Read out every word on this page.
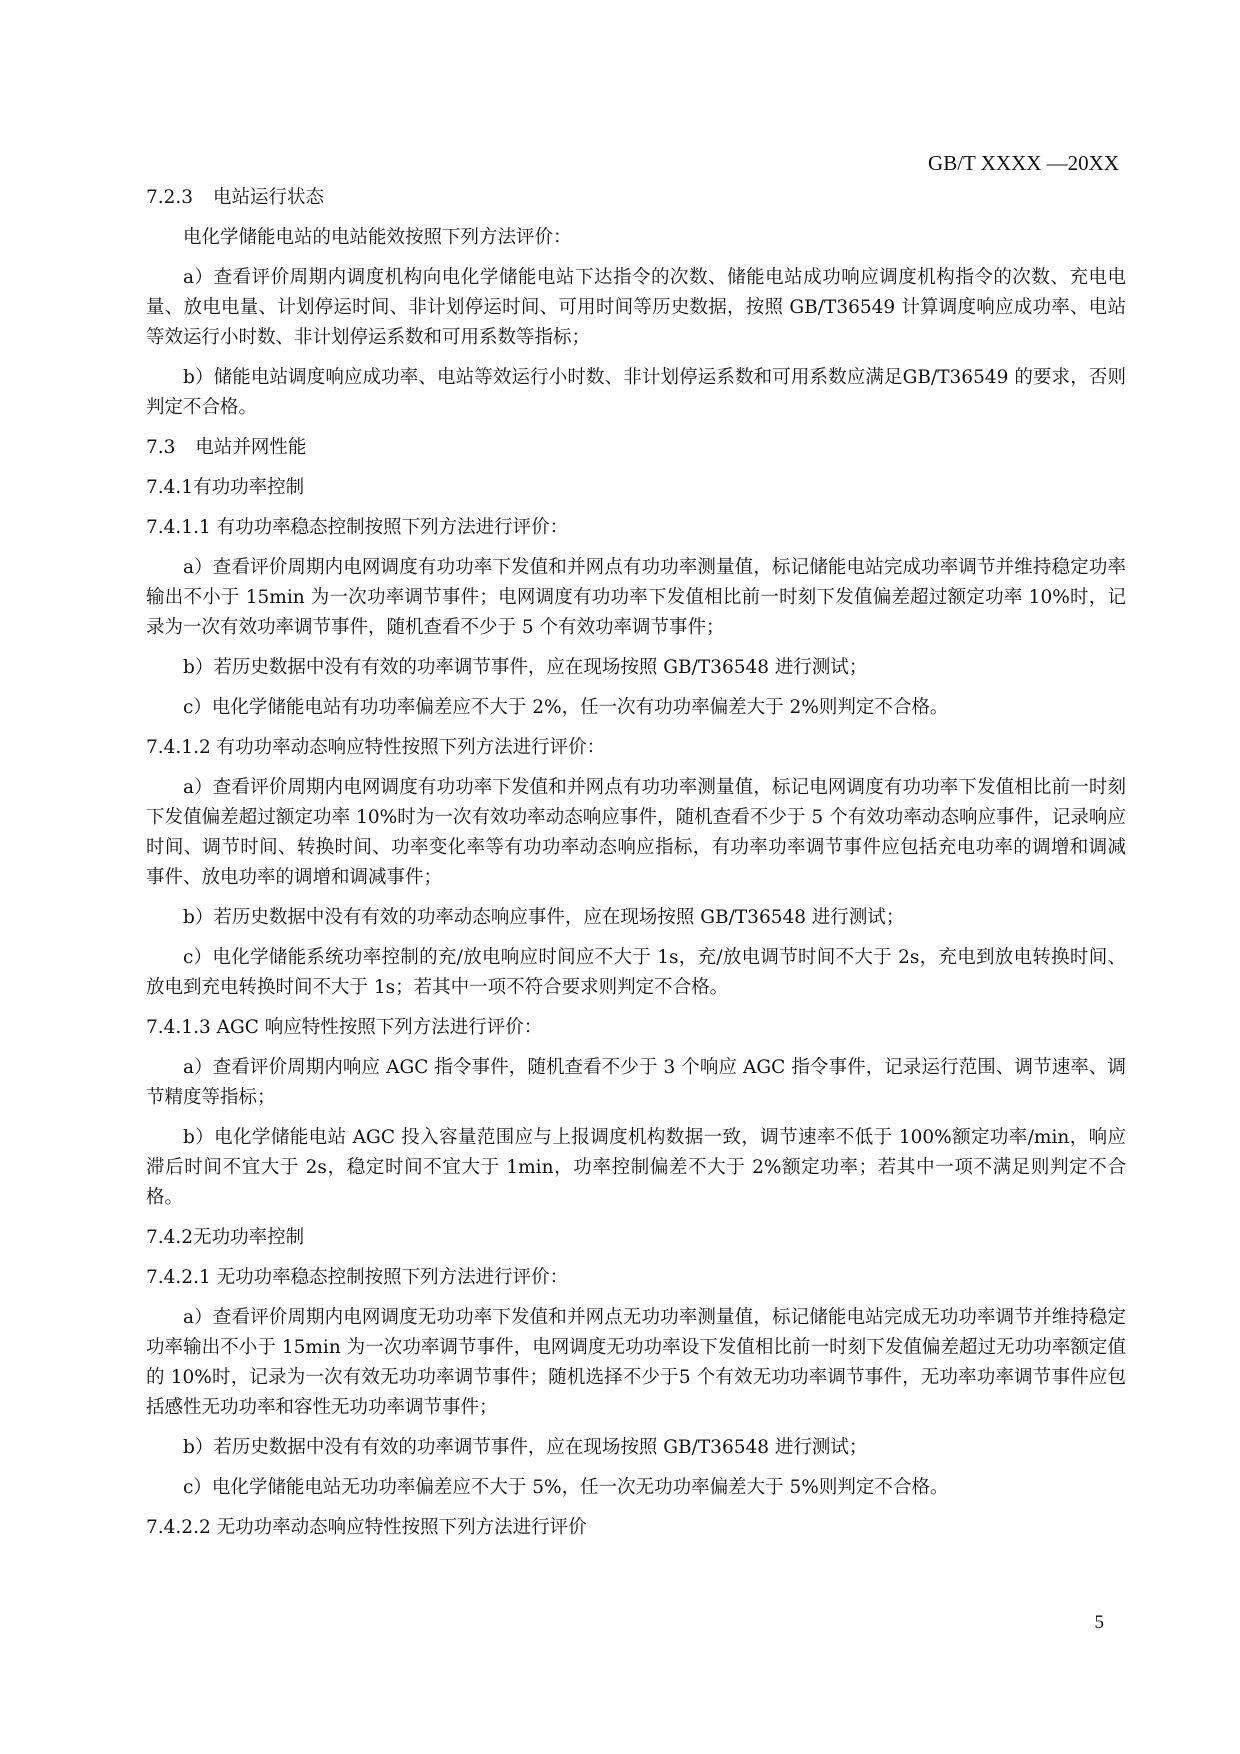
GB/T XXXX —20XX
7.2.3 电站运行状态
电化学储能电站的电站能效按照下列方法评价：
a）查看评价周期内调度机构向电化学储能电站下达指令的次数、储能电站成功响应调度机构指令的次数、充电电量、放电电量、计划停运时间、非计划停运时间、可用时间等历史数据，按照 GB/T36549 计算调度响应成功率、电站等效运行小时数、非计划停运系数和可用系数等指标；
b）储能电站调度响应成功率、电站等效运行小时数、非计划停运系数和可用系数应满足GB/T36549 的要求，否则判定不合格。
7.3 电站并网性能
7.4.1有功功率控制
7.4.1.1 有功功率稳态控制按照下列方法进行评价：
a）查看评价周期内电网调度有功功率下发值和并网点有功功率测量值，标记储能电站完成功率调节并维持稳定功率输出不小于 15min 为一次功率调节事件；电网调度有功功率下发值相比前一时刻下发值偏差超过额定功率 10%时，记录为一次有效功率调节事件，随机查看不少于 5 个有效功率调节事件；
b）若历史数据中没有有效的功率调节事件，应在现场按照 GB/T36548 进行测试；
c）电化学储能电站有功功率偏差应不大于 2%，任一次有功功率偏差大于 2%则判定不合格。
7.4.1.2 有功功率动态响应特性按照下列方法进行评价：
a）查看评价周期内电网调度有功功率下发值和并网点有功功率测量值，标记电网调度有功功率下发值相比前一时刻下发值偏差超过额定功率 10%时为一次有效功率动态响应事件，随机查看不少于 5 个有效功率动态响应事件，记录响应时间、调节时间、转换时间、功率变化率等有功功率动态响应指标，有功率功率调节事件应包括充电功率的调增和调减事件、放电功率的调增和调减事件；
b）若历史数据中没有有效的功率动态响应事件，应在现场按照 GB/T36548 进行测试；
c）电化学储能系统功率控制的充/放电响应时间应不大于 1s，充/放电调节时间不大于 2s，充电到放电转换时间、放电到充电转换时间不大于 1s；若其中一项不符合要求则判定不合格。
7.4.1.3 AGC 响应特性按照下列方法进行评价：
a）查看评价周期内响应 AGC 指令事件，随机查看不少于 3 个响应 AGC 指令事件，记录运行范围、调节速率、调节精度等指标；
b）电化学储能电站 AGC 投入容量范围应与上报调度机构数据一致，调节速率不低于 100%额定功率/min，响应滞后时间不宜大于 2s，稳定时间不宜大于 1min，功率控制偏差不大于 2%额定功率；若其中一项不满足则判定不合格。
7.4.2无功功率控制
7.4.2.1 无功功率稳态控制按照下列方法进行评价：
a）查看评价周期内电网调度无功功率下发值和并网点无功功率测量值，标记储能电站完成无功功率调节并维持稳定功率输出不小于 15min 为一次功率调节事件，电网调度无功功率设下发值相比前一时刻下发值偏差超过无功功率额定值的 10%时，记录为一次有效无功功率调节事件；随机选择不少于5 个有效无功功率调节事件，无功率功率调节事件应包括感性无功功率和容性无功功率调节事件；
b）若历史数据中没有有效的功率调节事件，应在现场按照 GB/T36548 进行测试；
c）电化学储能电站无功功率偏差应不大于 5%，任一次无功功率偏差大于 5%则判定不合格。
7.4.2.2 无功功率动态响应特性按照下列方法进行评价
5
